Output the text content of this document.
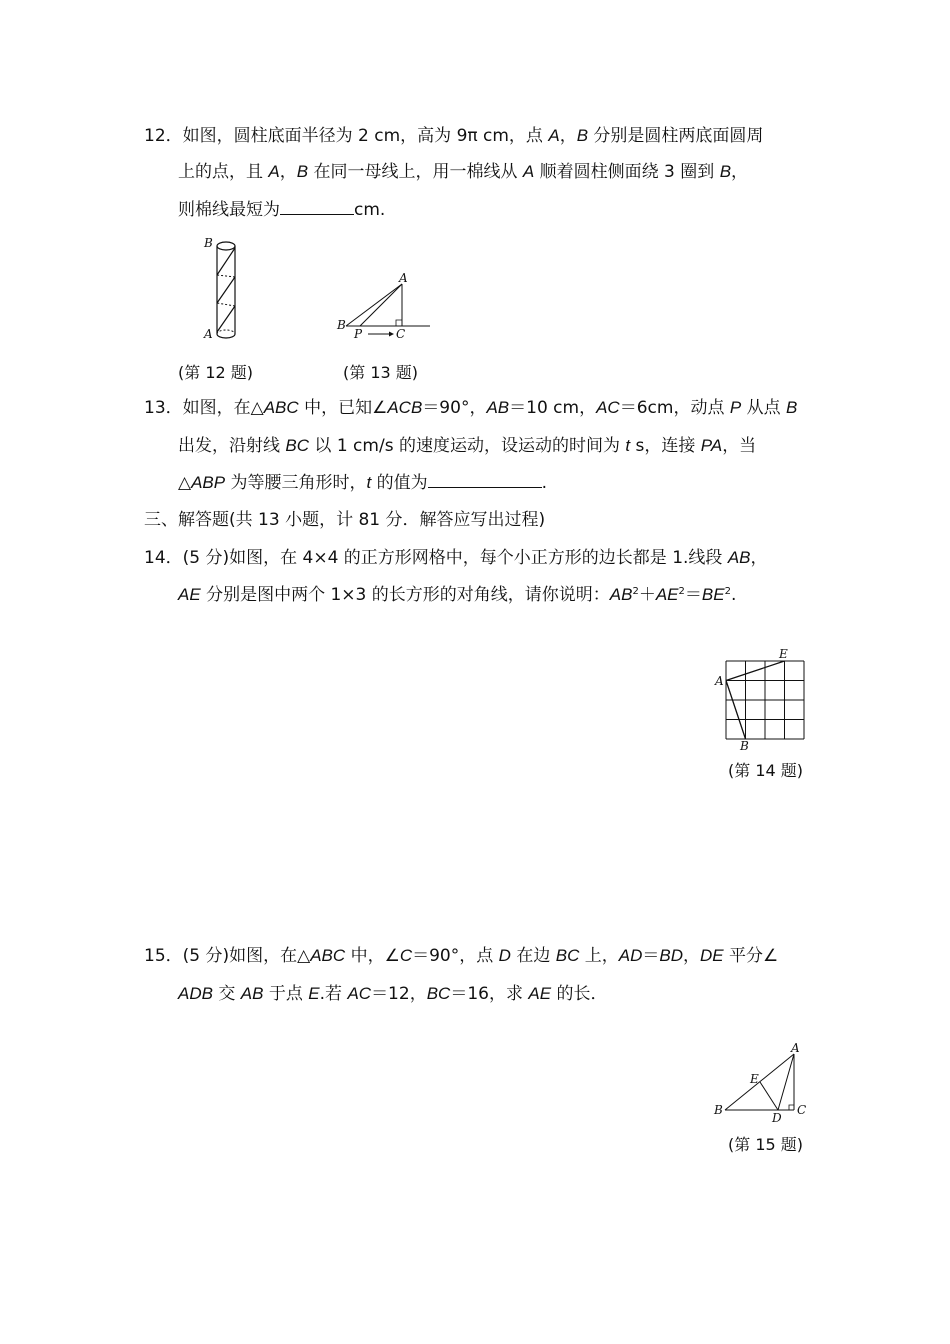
12．如图，圆柱底面半径为 2 cm，高为 9π cm，点 A，B 分别是圆柱两底面圆周
上的点，且 A，B 在同一母线上，用一棉线从 A 顺着圆柱侧面绕 3 圈到 B，
则棉线最短为	cm.
B
A
A
B
P	C
(第 12 题)	(第 13 题)
13．如图，在△ABC 中，已知∠ACB＝90°，AB＝10 cm，AC＝6cm，动点 P 从点 B
出发，沿射线 BC 以 1 cm/s 的速度运动，设运动的时间为 t s，连接 PA，当
△ABP 为等腰三角形时，t 的值为	.
三、解答题(共 13 小题，计 81 分．解答应写出过程)
14．(5 分)如图，在 4×4 的正方形网格中，每个小正方形的边长都是 1.线段 AB，
AE 分别是图中两个 1×3 的长方形的对角线，请你说明：$AB^2+AE^2=BE^2$.
A
E
B
(第 14 题)
15．(5 分)如图，在△ABC 中，∠C＝90°，点 D 在边 BC 上，AD＝BD，DE 平分∠
ADB 交 AB 于点 E.若 AC＝12，BC＝16，求 AE 的长．
A
E
B
D
C
(第 15 题)
